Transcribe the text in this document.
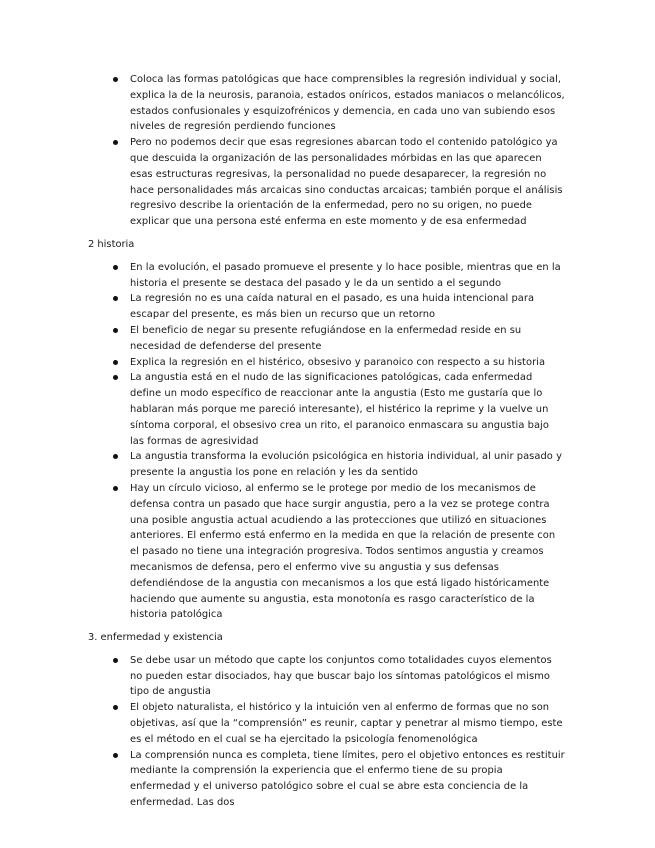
Coloca las formas patológicas que hace comprensibles la regresión individual y social, explica la de la neurosis, paranoia, estados oníricos, estados maniacos o melancólicos, estados confusionales y esquizofrénicos y demencia, en cada uno van subiendo esos niveles de regresión perdiendo funciones
Pero no podemos decir que esas regresiones abarcan todo el contenido patológico ya que descuida la organización de las personalidades mórbidas en las que aparecen esas estructuras regresivas, la personalidad no puede desaparecer, la regresión no hace personalidades más arcaicas sino conductas arcaicas; también porque el análisis regresivo describe la orientación de la enfermedad, pero no su origen, no puede explicar que una persona esté enferma en este momento y de esa enfermedad
2 historia
En la evolución, el pasado promueve el presente y lo hace posible, mientras que en la historia el presente se destaca del pasado y le da un sentido a el segundo
La regresión no es una caída natural en el pasado, es una huida intencional para escapar del presente, es más bien un recurso que un retorno
El beneficio de negar su presente refugiándose en la enfermedad reside en su necesidad de defenderse del presente
Explica la regresión en el histérico, obsesivo y paranoico con respecto a su historia
La angustia está en el nudo de las significaciones patológicas, cada enfermedad define un modo específico de reaccionar ante la angustia (Esto me gustaría que lo hablaran más porque me pareció interesante), el histérico la reprime y la vuelve un síntoma corporal, el obsesivo crea un rito, el paranoico enmascara su angustia bajo las formas de agresividad
La angustia transforma la evolución psicológica en historia individual, al unir pasado y presente la angustia los pone en relación y les da sentido
Hay un círculo vicioso, al enfermo se le protege por medio de los mecanismos de defensa contra un pasado que hace surgir angustia, pero a la vez se protege contra una posible angustia actual acudiendo a las protecciones que utilizó en situaciones anteriores. El enfermo está enfermo en la medida en que la relación de presente con el pasado no tiene una integración progresiva. Todos sentimos angustia y creamos mecanismos de defensa, pero el enfermo vive su angustia y sus defensas defendiéndose de la angustia con mecanismos a los que está ligado históricamente haciendo que aumente su angustia, esta monotonía es rasgo característico de la historia patológica
3. enfermedad y existencia
Se debe usar un método que capte los conjuntos como totalidades cuyos elementos no pueden estar disociados, hay que buscar bajo los síntomas patológicos el mismo tipo de angustia
El objeto naturalista, el histórico y la intuición ven al enfermo de formas que no son objetivas, así que la “comprensión” es reunir, captar y penetrar al mismo tiempo, este es el método en el cual se ha ejercitado la psicología fenomenológica
La comprensión nunca es completa, tiene límites, pero el objetivo entonces es restituir mediante la comprensión la experiencia que el enfermo tiene de su propia enfermedad y el universo patológico sobre el cual se abre esta conciencia de la enfermedad. Las dos
